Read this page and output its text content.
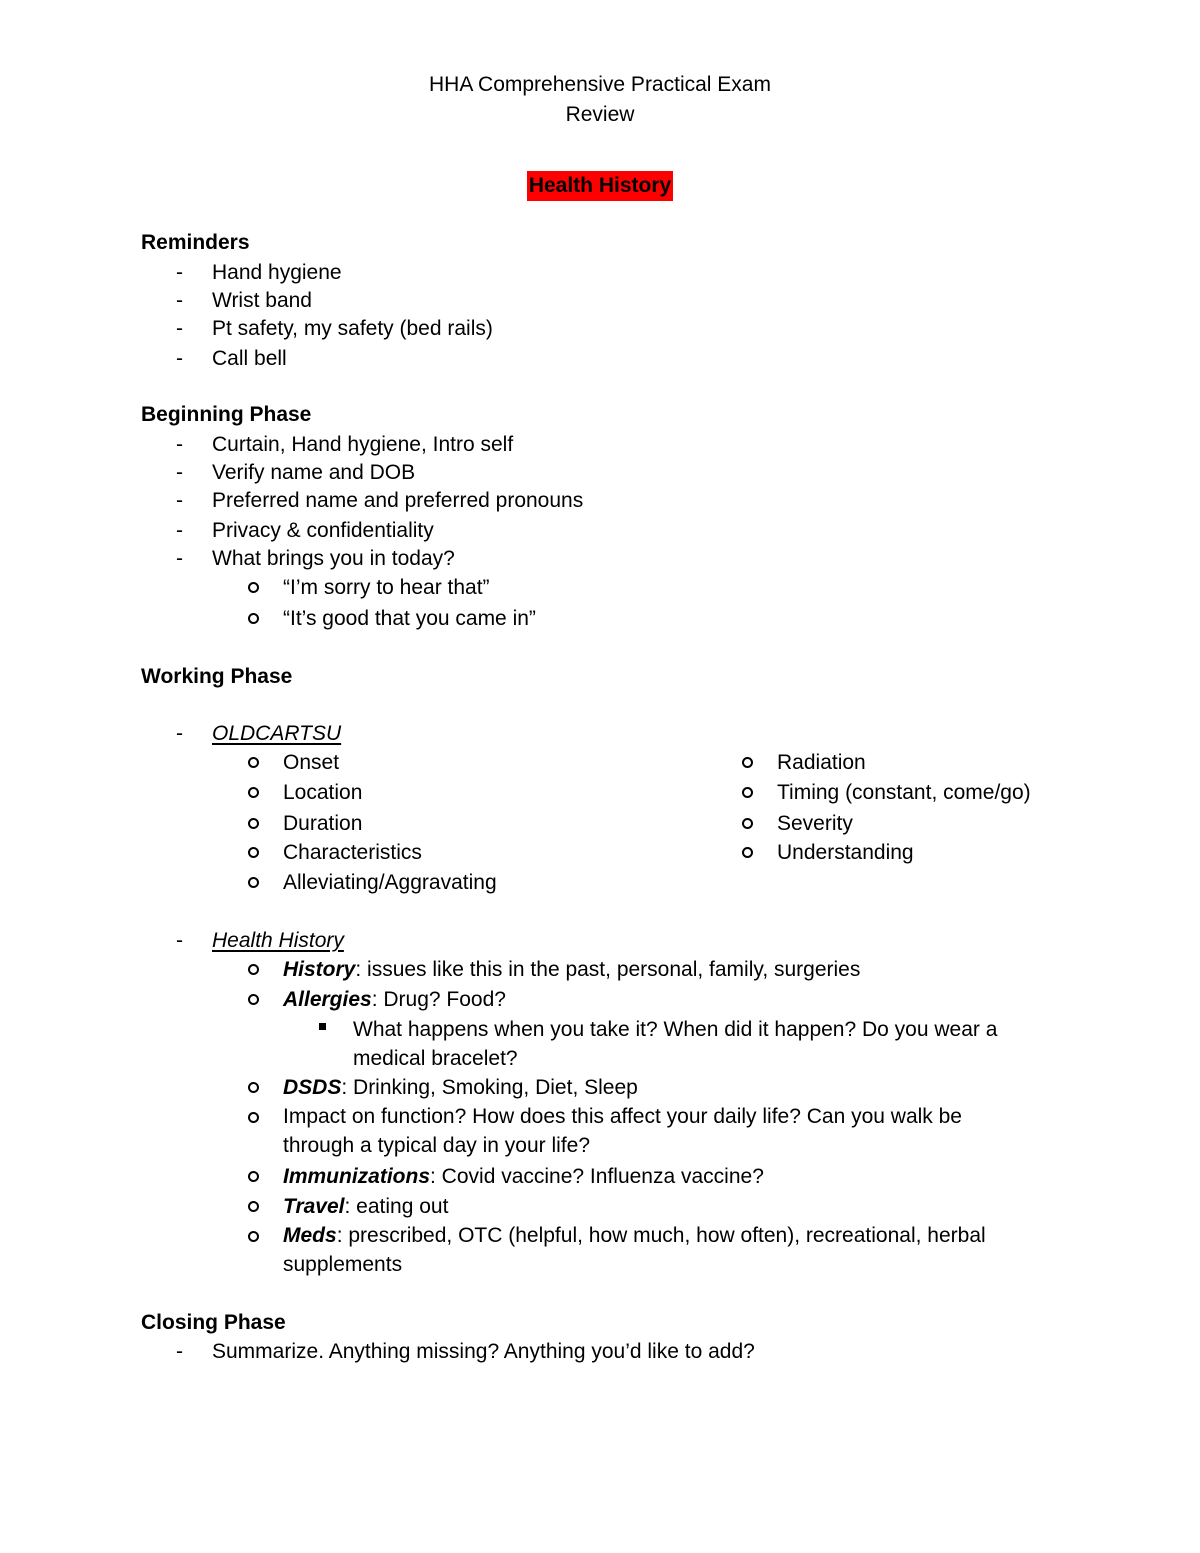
HHA Comprehensive Practical Exam
Review
Health History
Reminders
- Hand hygiene
- Wrist band
- Pt safety, my safety (bed rails)
- Call bell
Beginning Phase
- Curtain, Hand hygiene, Intro self
- Verify name and DOB
- Preferred name and preferred pronouns
- Privacy & confidentiality
- What brings you in today?
“I’m sorry to hear that”
“It’s good that you came in”
Working Phase
- OLDCARTSU
Onset
Location
Duration
Characteristics
Alleviating/Aggravating
Radiation
Timing (constant, come/go)
Severity
Understanding
- Health History
History: issues like this in the past, personal, family, surgeries
Allergies: Drug? Food?
What happens when you take it? When did it happen? Do you wear a medical bracelet?
DSDS: Drinking, Smoking, Diet, Sleep
Impact on function? How does this affect your daily life? Can you walk be through a typical day in your life?
Immunizations: Covid vaccine? Influenza vaccine?
Travel: eating out
Meds: prescribed, OTC (helpful, how much, how often), recreational, herbal supplements
Closing Phase
- Summarize. Anything missing? Anything you’d like to add?
